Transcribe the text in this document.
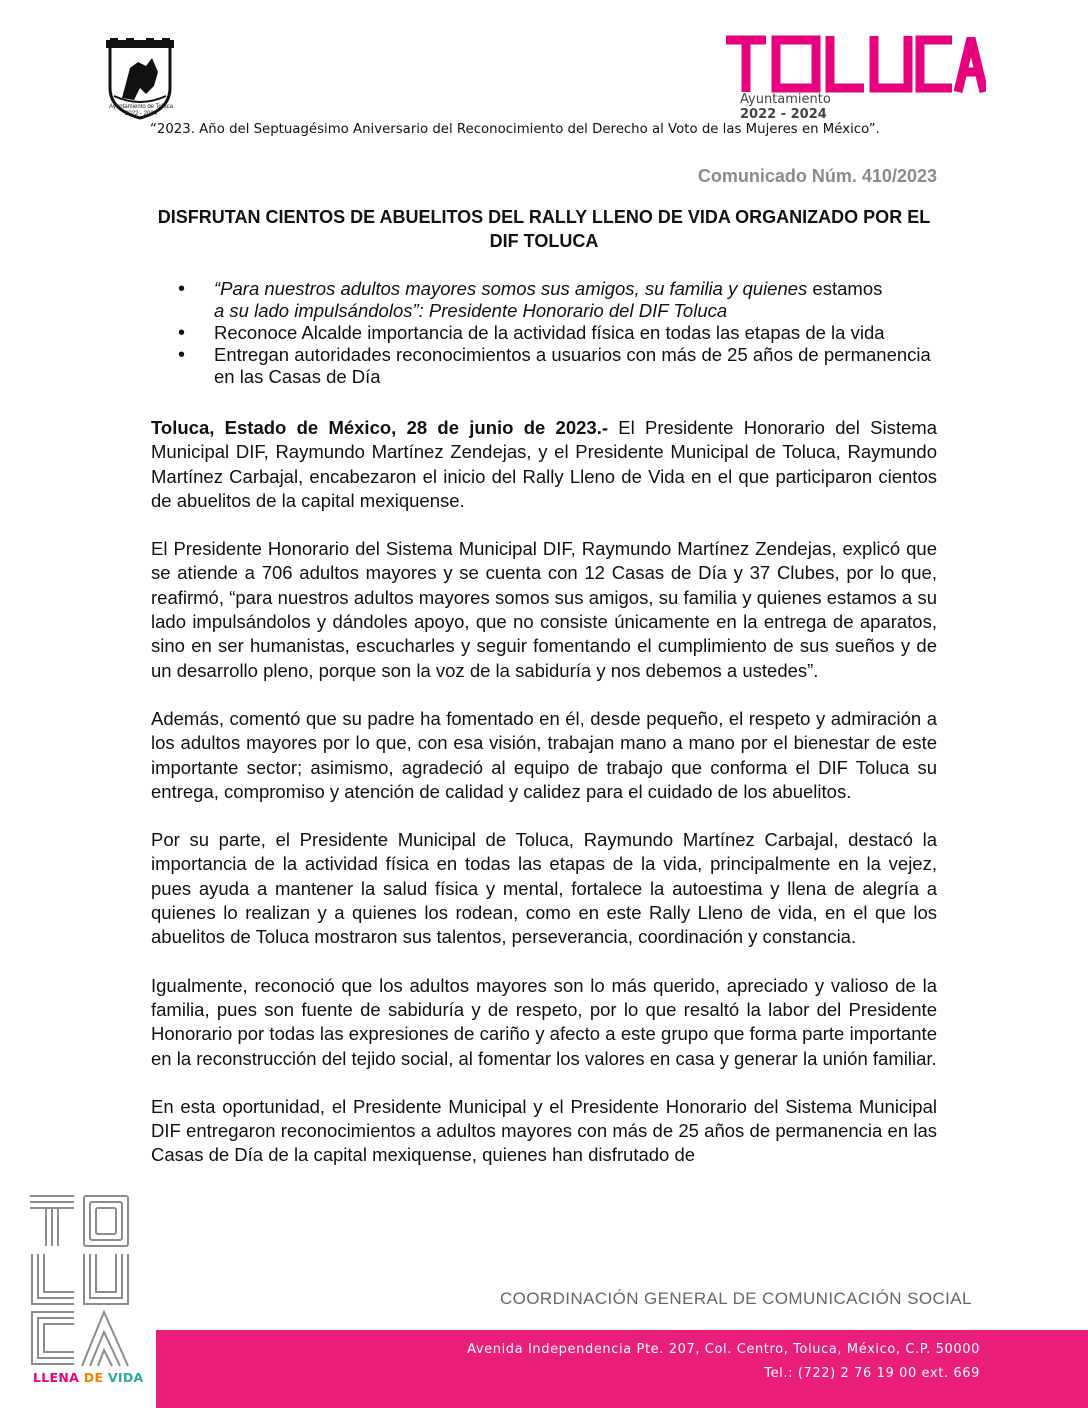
Ayuntamiento de Toluca
2022 - 2024
Ayuntamiento
2022 - 2024
“2023. Año del Septuagésimo Aniversario del Reconocimiento del Derecho al Voto de las Mujeres en México”.
Comunicado Núm. 410/2023
DISFRUTAN CIENTOS DE ABUELITOS DEL RALLY LLENO DE VIDA ORGANIZADO POR EL DIF TOLUCA
• “Para nuestros adultos mayores somos sus amigos, su familia y quienes estamos
a su lado impulsándolos”: Presidente Honorario del DIF Toluca
• Reconoce Alcalde importancia de la actividad física en todas las etapas de la vida
• Entregan autoridades reconocimientos a usuarios con más de 25 años de permanencia en las Casas de Día

Toluca, Estado de México, 28 de junio de 2023.- El Presidente Honorario del Sistema Municipal DIF, Raymundo Martínez Zendejas, y el Presidente Municipal de Toluca, Raymundo Martínez Carbajal, encabezaron el inicio del Rally Lleno de Vida en el que participaron cientos de abuelitos de la capital mexiquense.

El Presidente Honorario del Sistema Municipal DIF, Raymundo Martínez Zendejas, explicó que se atiende a 706 adultos mayores y se cuenta con 12 Casas de Día y 37 Clubes, por lo que, reafirmó, “para nuestros adultos mayores somos sus amigos, su familia y quienes estamos a su lado impulsándolos y dándoles apoyo, que no consiste únicamente en la entrega de aparatos, sino en ser humanistas, escucharles y seguir fomentando el cumplimiento de sus sueños y de un desarrollo pleno, porque son la voz de la sabiduría y nos debemos a ustedes”.

Además, comentó que su padre ha fomentado en él, desde pequeño, el respeto y admiración a los adultos mayores por lo que, con esa visión, trabajan mano a mano por el bienestar de este importante sector; asimismo, agradeció al equipo de trabajo que conforma el DIF Toluca su entrega, compromiso y atención de calidad y calidez para el cuidado de los abuelitos.

Por su parte, el Presidente Municipal de Toluca, Raymundo Martínez Carbajal, destacó la importancia de la actividad física en todas las etapas de la vida, principalmente en la vejez, pues ayuda a mantener la salud física y mental, fortalece la autoestima y llena de alegría a quienes lo realizan y a quienes los rodean, como en este Rally Lleno de vida, en el que los abuelitos de Toluca mostraron sus talentos, perseverancia, coordinación y constancia.

Igualmente, reconoció que los adultos mayores son lo más querido, apreciado y valioso de la familia, pues son fuente de sabiduría y de respeto, por lo que resaltó la labor del Presidente Honorario por todas las expresiones de cariño y afecto a este grupo que forma parte importante en la reconstrucción del tejido social, al fomentar los valores en casa y generar la unión familiar.

En esta oportunidad, el Presidente Municipal y el Presidente Honorario del Sistema Municipal DIF entregaron reconocimientos a adultos mayores con más de 25 años de permanencia en las Casas de Día de la capital mexiquense, quienes han disfrutado de

LLENA DE VIDA
COORDINACIÓN GENERAL DE COMUNICACIÓN SOCIAL
Avenida Independencia Pte. 207, Col. Centro, Toluca, México, C.P. 50000
Tel.: (722) 2 76 19 00 ext. 669
